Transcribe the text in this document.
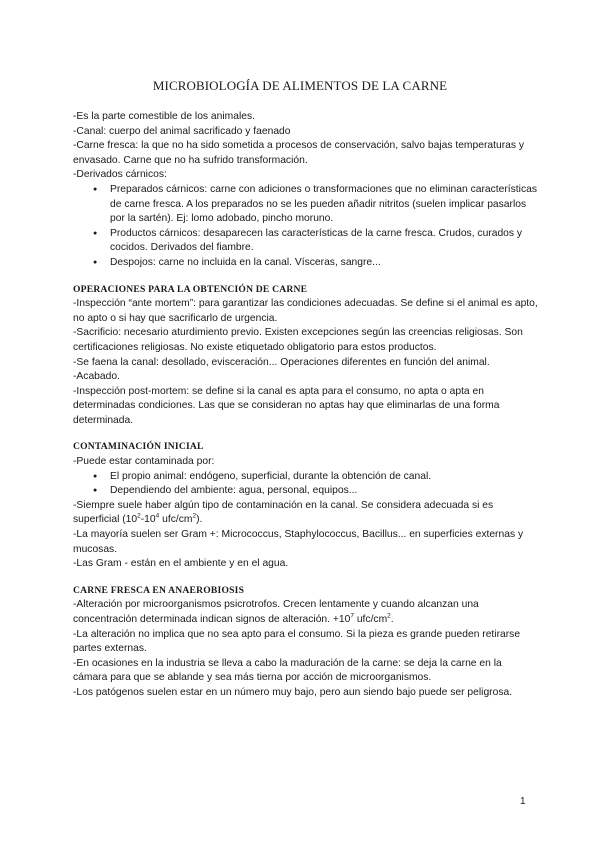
MICROBIOLOGÍA DE ALIMENTOS DE LA CARNE

-Es la parte comestible de los animales.

-Canal: cuerpo del animal sacrificado y faenado

-Carne fresca: la que no ha sido sometida a procesos de conservación, salvo bajas temperaturas y envasado. Carne que no ha sufrido transformación.

-Derivados cárnicos:

● Preparados cárnicos: carne con adiciones o transformaciones que no eliminan características de carne fresca. A los preparados no se les pueden añadir nitritos (suelen implicar pasarlos por la sartén). Ej: lomo adobado, pincho moruno.
● Productos cárnicos: desaparecen las características de la carne fresca. Crudos, curados y cocidos. Derivados del fiambre.
● Despojos: carne no incluida en la canal. Vísceras, sangre...

OPERACIONES PARA LA OBTENCIÓN DE CARNE

-Inspección “ante mortem”: para garantizar las condiciones adecuadas. Se define si el animal es apto, no apto o si hay que sacrificarlo de urgencia.

-Sacrificio: necesario aturdimiento previo. Existen excepciones según las creencias religiosas. Son certificaciones religiosas. No existe etiquetado obligatorio para estos productos.

-Se faena la canal: desollado, evisceración... Operaciones diferentes en función del animal.

-Acabado.

-Inspección post-mortem: se define si la canal es apta para el consumo, no apta o apta en determinadas condiciones. Las que se consideran no aptas hay que eliminarlas de una forma determinada.

CONTAMINACIÓN INICIAL

-Puede estar contaminada por:

● El propio animal: endógeno, superficial, durante la obtención de canal.
● Dependiendo del ambiente: agua, personal, equipos...

-Siempre suele haber algún tipo de contaminación en la canal. Se considera adecuada si es superficial ($10^2-10^4$ ufc/$cm^2$).

-La mayoría suelen ser Gram +: Micrococcus, Staphylococcus, Bacillus... en superficies externas y mucosas.

-Las Gram - están en el ambiente y en el agua.

CARNE FRESCA EN ANAEROBIOSIS

-Alteración por microorganismos psicrotrofos. Crecen lentamente y cuando alcanzan una concentración determinada indican signos de alteración. $+10^7$ ufc/$cm^2$.

-La alteración no implica que no sea apto para el consumo. Si la pieza es grande pueden retirarse partes externas.

-En ocasiones en la industria se lleva a cabo la maduración de la carne: se deja la carne en la cámara para que se ablande y sea más tierna por acción de microorganismos.

-Los patógenos suelen estar en un número muy bajo, pero aun siendo bajo puede ser peligrosa.

1
